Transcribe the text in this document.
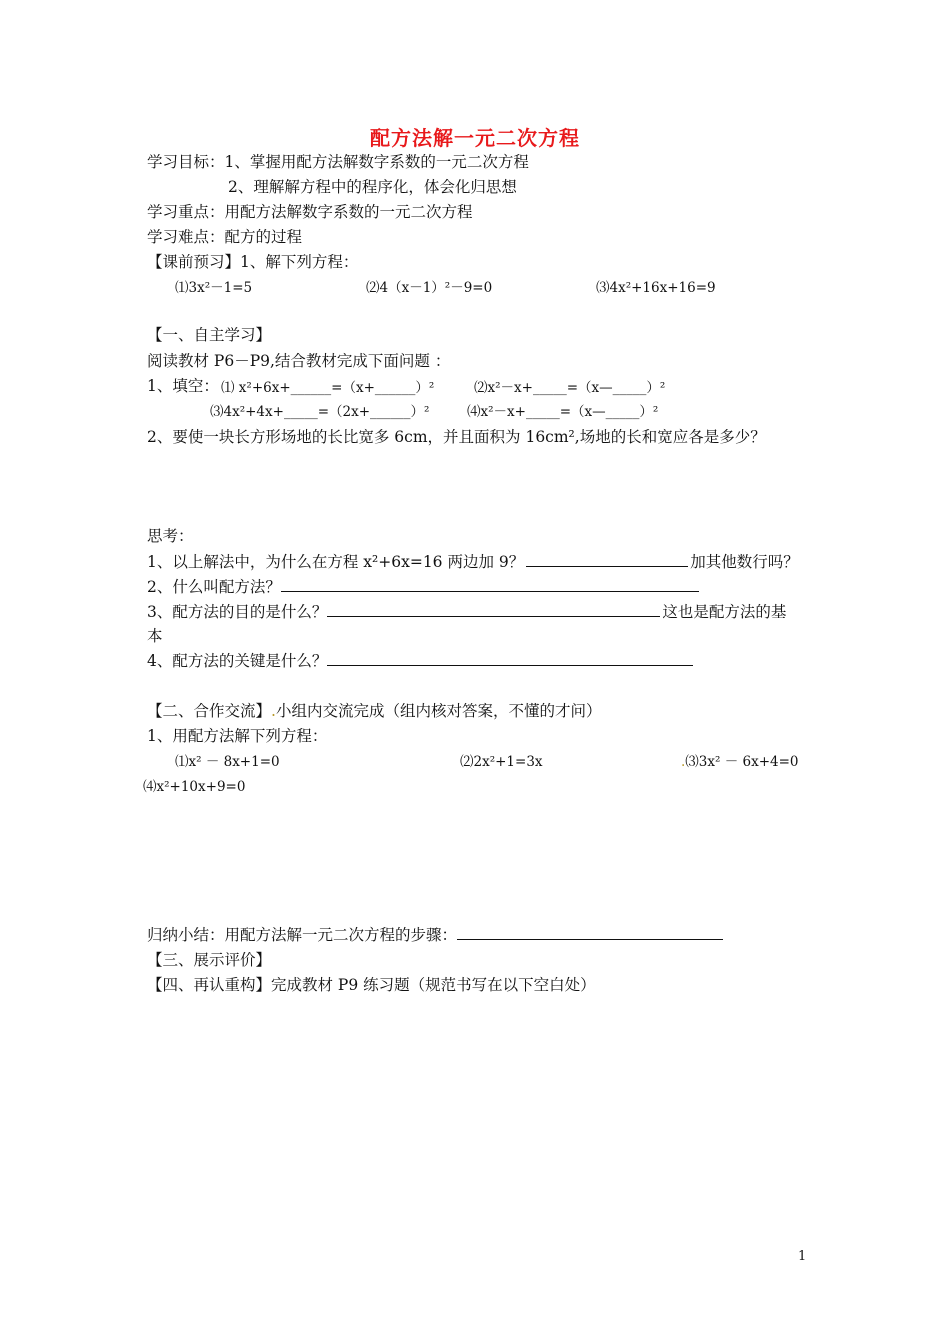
配方法解一元二次方程
学习目标：1、掌握用配方法解数字系数的一元二次方程
2、理解解方程中的程序化，体会化归思想
学习重点：用配方法解数字系数的一元二次方程
学习难点：配方的过程
【课前预习】1、解下列方程：
⑴3x²－1=5	⑵4（x－1）²－9=0	⑶4x²+16x+16=9
【一、自主学习】
阅读教材 P6－P9,结合教材完成下面问题 ：
1、填空： ⑴ x²+6x+______=（x+______）²	⑵x²－x+_____=（x—_____）²
⑶4x²+4x+_____=（2x+______）²	⑷x²－x+_____=（x—_____）²
2、要使一块长方形场地的长比宽多 6cm，并且面积为 16cm²,场地的长和宽应各是多少？
思考：
1、以上解法中，为什么在方程 x²+6x=16 两边加 9？	加其他数行吗？
2、什么叫配方法？
3、配方法的目的是什么？	这也是配方法的基
本
4、配方法的关键是什么？
【二、合作交流】.小组内交流完成（组内核对答案，不懂的才问）
1、用配方法解下列方程：
⑴x² － 8x+1=0	⑵2x²+1=3x	.⑶3x² － 6x+4=0
⑷x²+10x+9=0
归纳小结：用配方法解一元二次方程的步骤：
【三、展示评价】
【四、再认重构】完成教材 P9 练习题（规范书写在以下空白处）
1
